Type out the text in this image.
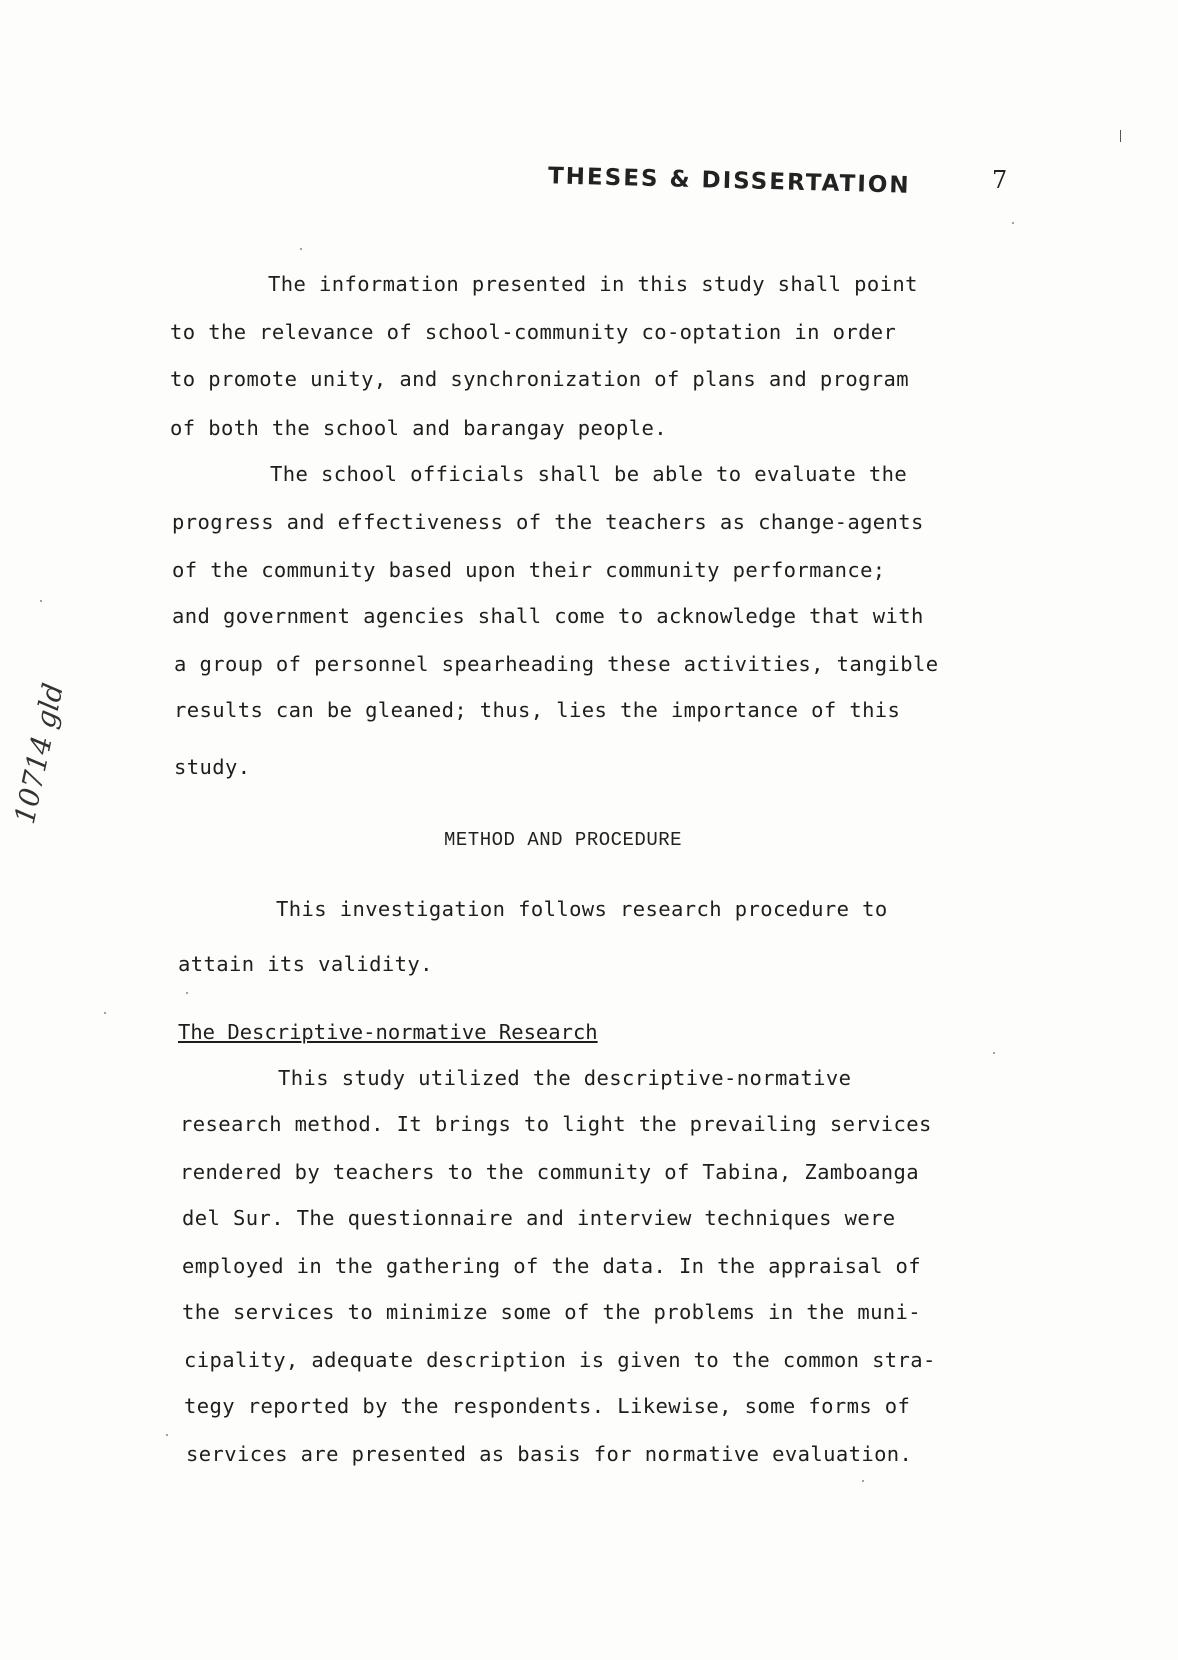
THESES & DISSERTATION	7
The information presented in this study shall point
to the relevance of school-community co-optation in order
to promote unity, and synchronization of plans and program
of both the school and barangay people.
The school officials shall be able to evaluate the
progress and effectiveness of the teachers as change-agents
of the community based upon their community performance;
and government agencies shall come to acknowledge that with
a group of personnel spearheading these activities, tangible
results can be gleaned; thus, lies the importance of this
study.
METHOD AND PROCEDURE
This investigation follows research procedure to
attain its validity.
The Descriptive-normative Research
This study utilized the descriptive-normative
research method. It brings to light the prevailing services
rendered by teachers to the community of Tabina, Zamboanga
del Sur. The questionnaire and interview techniques were
employed in the gathering of the data. In the appraisal of
the services to minimize some of the problems in the muni-
cipality, adequate description is given to the common stra-
tegy reported by the respondents. Likewise, some forms of
services are presented as basis for normative evaluation.
10714 gld
